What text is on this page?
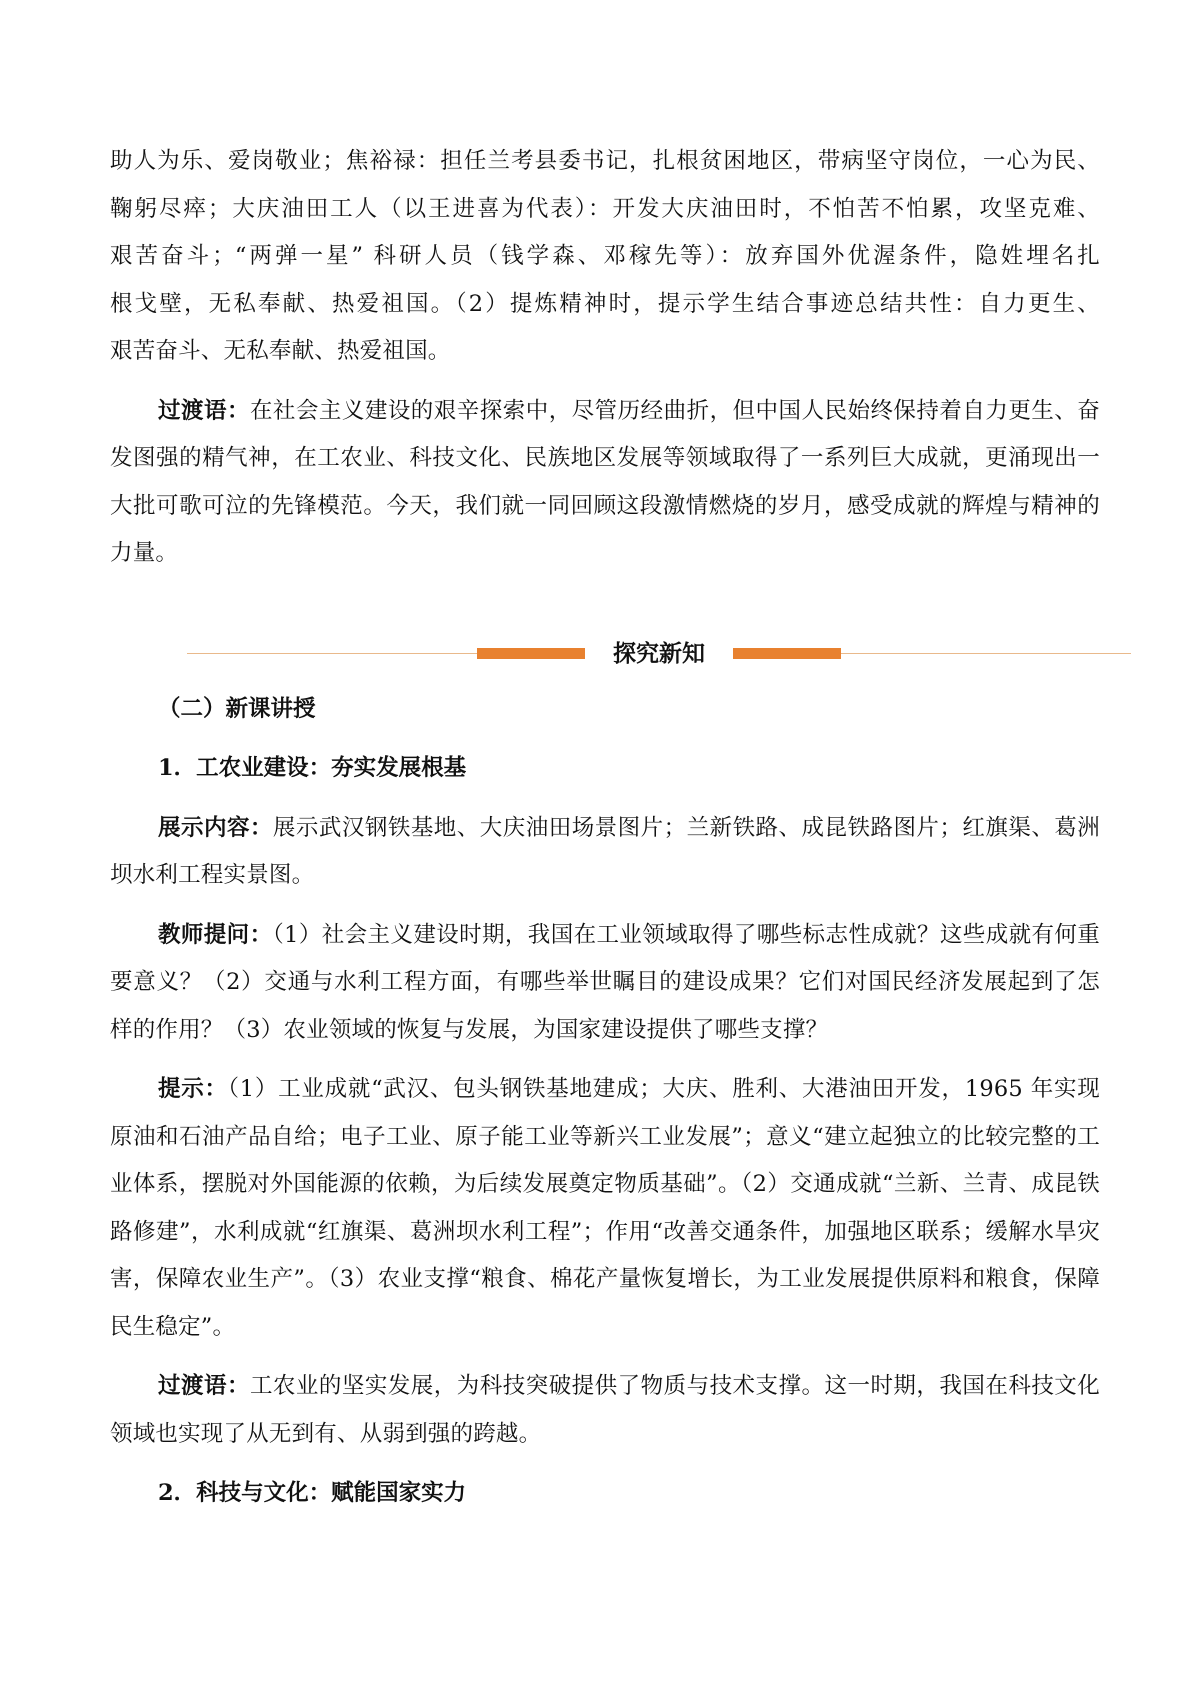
助人为乐、爱岗敬业；焦裕禄：担任兰考县委书记，扎根贫困地区，带病坚守岗位，一心为民、

鞠躬尽瘁；大庆油田工人（以王进喜为代表）：开发大庆油田时，不怕苦不怕累，攻坚克难、

艰苦奋斗；“两弹一星” 科研人员（钱学森、邓稼先等）：放弃国外优渥条件，隐姓埋名扎

根戈壁，无私奉献、热爱祖国。（2）提炼精神时，提示学生结合事迹总结共性：自力更生、

艰苦奋斗、无私奉献、热爱祖国。

过渡语：在社会主义建设的艰辛探索中，尽管历经曲折，但中国人民始终保持着自力更生、奋发图强的精气神，在工农业、科技文化、民族地区发展等领域取得了一系列巨大成就，更涌现出一大批可歌可泣的先锋模范。今天，我们就一同回顾这段激情燃烧的岁月，感受成就的辉煌与精神的力量。

探究新知
（二）新课讲授
1．工农业建设：夯实发展根基

展示内容：展示武汉钢铁基地、大庆油田场景图片；兰新铁路、成昆铁路图片；红旗渠、葛洲坝水利工程实景图。

教师提问：（1）社会主义建设时期，我国在工业领域取得了哪些标志性成就？这些成就有何重要意义？（2）交通与水利工程方面，有哪些举世瞩目的建设成果？它们对国民经济发展起到了怎样的作用？（3）农业领域的恢复与发展，为国家建设提供了哪些支撑？

提示：（1）工业成就“武汉、包头钢铁基地建成；大庆、胜利、大港油田开发，1965 年实现原油和石油产品自给；电子工业、原子能工业等新兴工业发展”；意义“建立起独立的比较完整的工业体系，摆脱对外国能源的依赖，为后续发展奠定物质基础”。（2）交通成就“兰新、兰青、成昆铁路修建”，水利成就“红旗渠、葛洲坝水利工程”；作用“改善交通条件，加强地区联系；缓解水旱灾害，保障农业生产”。（3）农业支撑“粮食、棉花产量恢复增长，为工业发展提供原料和粮食，保障民生稳定”。

过渡语：工农业的坚实发展，为科技突破提供了物质与技术支撑。这一时期，我国在科技文化领域也实现了从无到有、从弱到强的跨越。

2．科技与文化：赋能国家实力
